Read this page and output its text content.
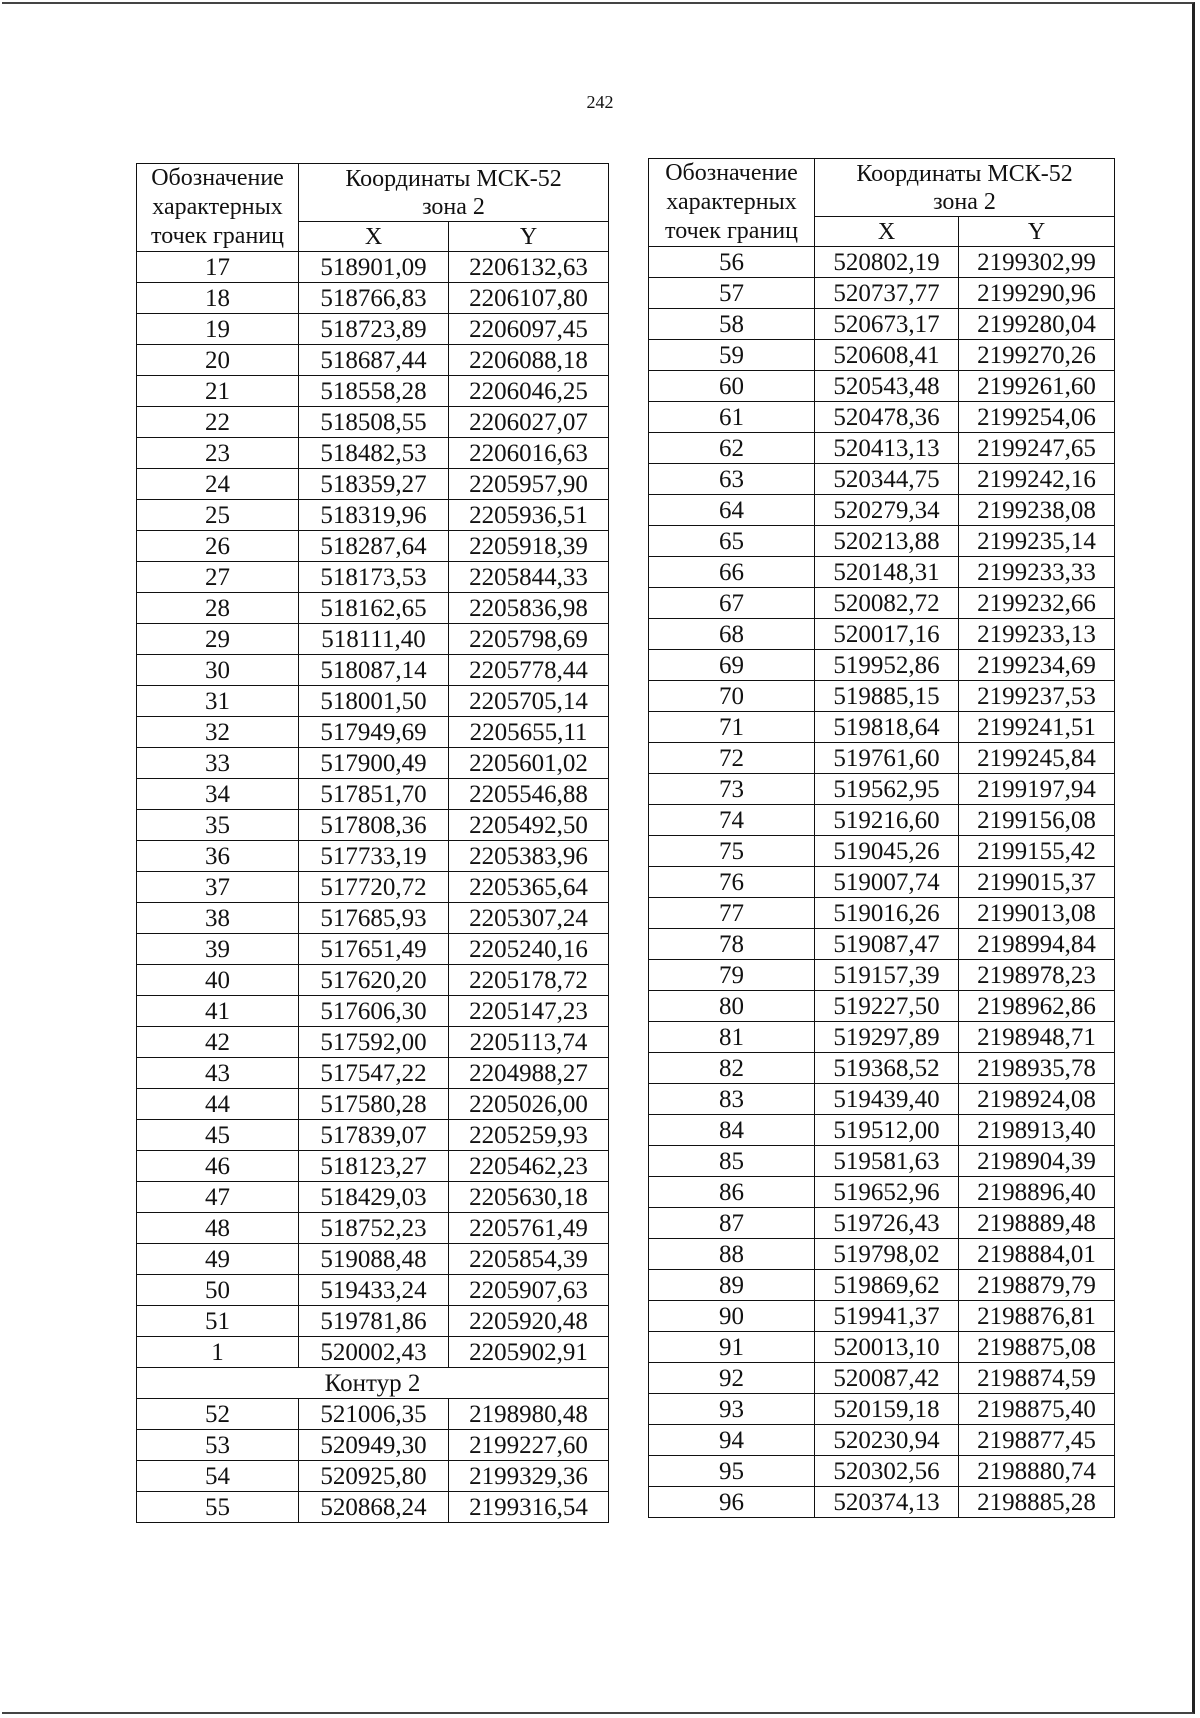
242
Обозначение
характерных
точек границ	Координаты МСК-52
зона 2	
	X	Y
17	518901,09	2206132,63
18	518766,83	2206107,80
19	518723,89	2206097,45
20	518687,44	2206088,18
21	518558,28	2206046,25
22	518508,55	2206027,07
23	518482,53	2206016,63
24	518359,27	2205957,90
25	518319,96	2205936,51
26	518287,64	2205918,39
27	518173,53	2205844,33
28	518162,65	2205836,98
29	518111,40	2205798,69
30	518087,14	2205778,44
31	518001,50	2205705,14
32	517949,69	2205655,11
33	517900,49	2205601,02
34	517851,70	2205546,88
35	517808,36	2205492,50
36	517733,19	2205383,96
37	517720,72	2205365,64
38	517685,93	2205307,24
39	517651,49	2205240,16
40	517620,20	2205178,72
41	517606,30	2205147,23
42	517592,00	2205113,74
43	517547,22	2204988,27
44	517580,28	2205026,00
45	517839,07	2205259,93
46	518123,27	2205462,23
47	518429,03	2205630,18
48	518752,23	2205761,49
49	519088,48	2205854,39
50	519433,24	2205907,63
51	519781,86	2205920,48
1	520002,43	2205902,91
Контур 2		
52	521006,35	2198980,48
53	520949,30	2199227,60
54	520925,80	2199329,36
55	520868,24	2199316,54
Обозначение
характерных
точек границ	Координаты МСК-52
зона 2	
	X	Y
56	520802,19	2199302,99
57	520737,77	2199290,96
58	520673,17	2199280,04
59	520608,41	2199270,26
60	520543,48	2199261,60
61	520478,36	2199254,06
62	520413,13	2199247,65
63	520344,75	2199242,16
64	520279,34	2199238,08
65	520213,88	2199235,14
66	520148,31	2199233,33
67	520082,72	2199232,66
68	520017,16	2199233,13
69	519952,86	2199234,69
70	519885,15	2199237,53
71	519818,64	2199241,51
72	519761,60	2199245,84
73	519562,95	2199197,94
74	519216,60	2199156,08
75	519045,26	2199155,42
76	519007,74	2199015,37
77	519016,26	2199013,08
78	519087,47	2198994,84
79	519157,39	2198978,23
80	519227,50	2198962,86
81	519297,89	2198948,71
82	519368,52	2198935,78
83	519439,40	2198924,08
84	519512,00	2198913,40
85	519581,63	2198904,39
86	519652,96	2198896,40
87	519726,43	2198889,48
88	519798,02	2198884,01
89	519869,62	2198879,79
90	519941,37	2198876,81
91	520013,10	2198875,08
92	520087,42	2198874,59
93	520159,18	2198875,40
94	520230,94	2198877,45
95	520302,56	2198880,74
96	520374,13	2198885,28
